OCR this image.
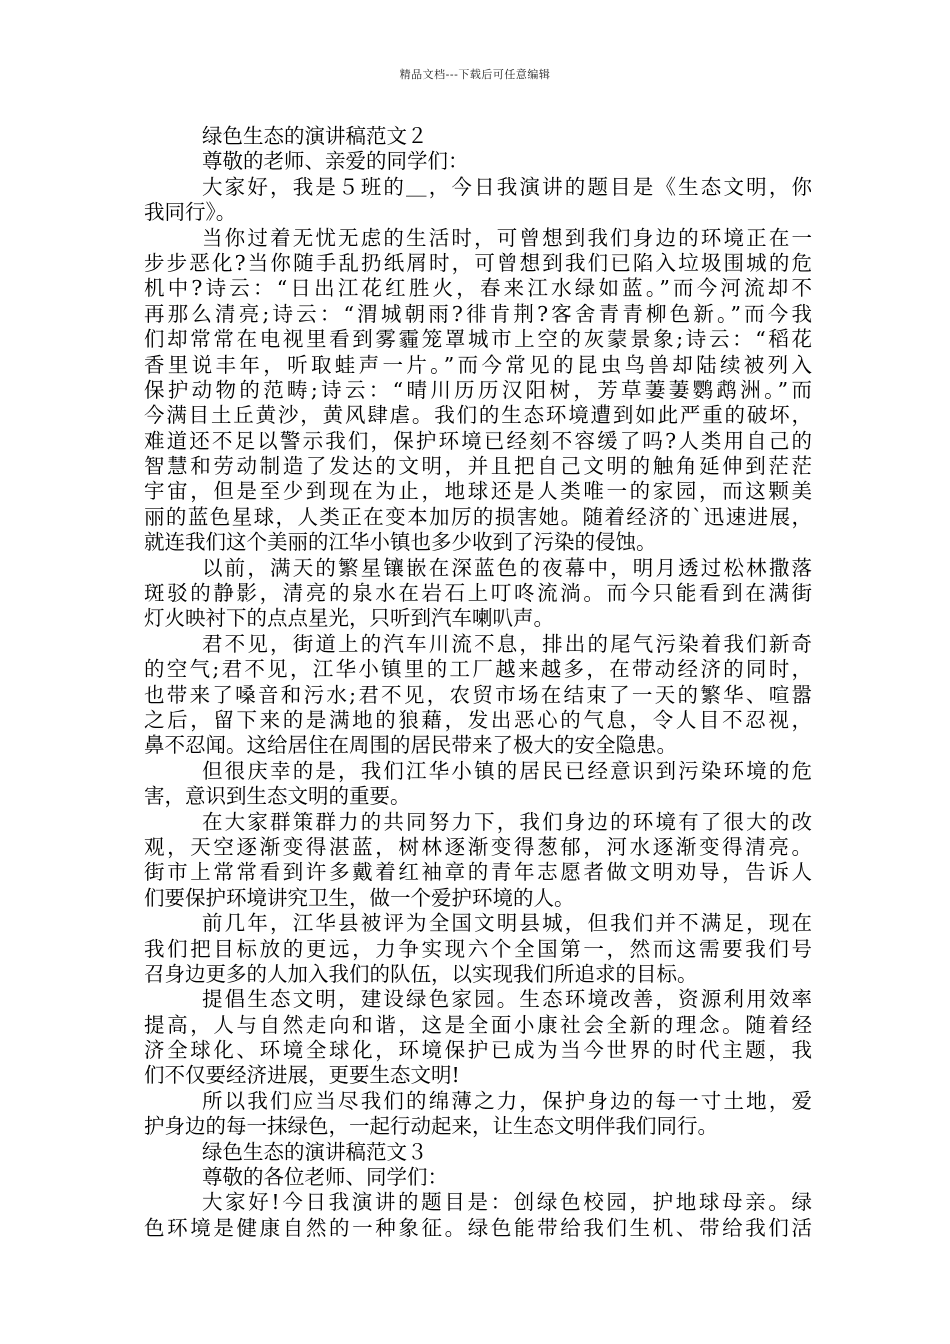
精品文档---下载后可任意编辑
绿色生态的演讲稿范文２
尊敬的老师、亲爱的同学们：
大家好，我是５班的＿，今日我演讲的题目是《生态文明，你
我同行》。
当你过着无忧无虑的生活时，可曾想到我们身边的环境正在一
步步恶化?当你随手乱扔纸屑时，可曾想到我们已陷入垃圾围城的危
机中?诗云：“日出江花红胜火，春来江水绿如蓝。”而今河流却不
再那么清亮;诗云：“渭城朝雨?徘肯荆?客舍青青柳色新。”而今我
们却常常在电视里看到雾霾笼罩城市上空的灰蒙景象;诗云：“稻花
香里说丰年，听取蛙声一片。”而今常见的昆虫鸟兽却陆续被列入
保护动物的范畴;诗云：“晴川历历汉阳树，芳草萋萋鹦鹉洲。”而
今满目土丘黄沙，黄风肆虐。我们的生态环境遭到如此严重的破坏，
难道还不足以警示我们，保护环境已经刻不容缓了吗?人类用自己的
智慧和劳动制造了发达的文明，并且把自己文明的触角延伸到茫茫
宇宙，但是至少到现在为止，地球还是人类唯一的家园，而这颗美
丽的蓝色星球，人类正在变本加厉的损害她。随着经济的`迅速进展，
就连我们这个美丽的江华小镇也多少收到了污染的侵蚀。
以前，满天的繁星镶嵌在深蓝色的夜幕中，明月透过松林撒落
斑驳的静影，清亮的泉水在岩石上叮咚流淌。而今只能看到在满街
灯火映衬下的点点星光，只听到汽车喇叭声。
君不见，街道上的汽车川流不息，排出的尾气污染着我们新奇
的空气;君不见，江华小镇里的工厂越来越多，在带动经济的同时，
也带来了嗓音和污水;君不见，农贸市场在结束了一天的繁华、喧嚣
之后，留下来的是满地的狼藉，发出恶心的气息，令人目不忍视，
鼻不忍闻。这给居住在周围的居民带来了极大的安全隐患。
但很庆幸的是，我们江华小镇的居民已经意识到污染环境的危
害，意识到生态文明的重要。
在大家群策群力的共同努力下，我们身边的环境有了很大的改
观，天空逐渐变得湛蓝，树林逐渐变得葱郁，河水逐渐变得清亮。
街市上常常看到许多戴着红袖章的青年志愿者做文明劝导，告诉人
们要保护环境讲究卫生，做一个爱护环境的人。
前几年，江华县被评为全国文明县城，但我们并不满足，现在
我们把目标放的更远，力争实现六个全国第一，然而这需要我们号
召身边更多的人加入我们的队伍，以实现我们所追求的目标。
提倡生态文明，建设绿色家园。生态环境改善，资源利用效率
提高，人与自然走向和谐，这是全面小康社会全新的理念。随着经
济全球化、环境全球化，环境保护已成为当今世界的时代主题，我
们不仅要经济进展，更要生态文明!
所以我们应当尽我们的绵薄之力，保护身边的每一寸土地，爱
护身边的每一抹绿色，一起行动起来，让生态文明伴我们同行。
绿色生态的演讲稿范文３
尊敬的各位老师、同学们：
大家好!今日我演讲的题目是：创绿色校园，护地球母亲。绿
色环境是健康自然的一种象征。绿色能带给我们生机、带给我们活
